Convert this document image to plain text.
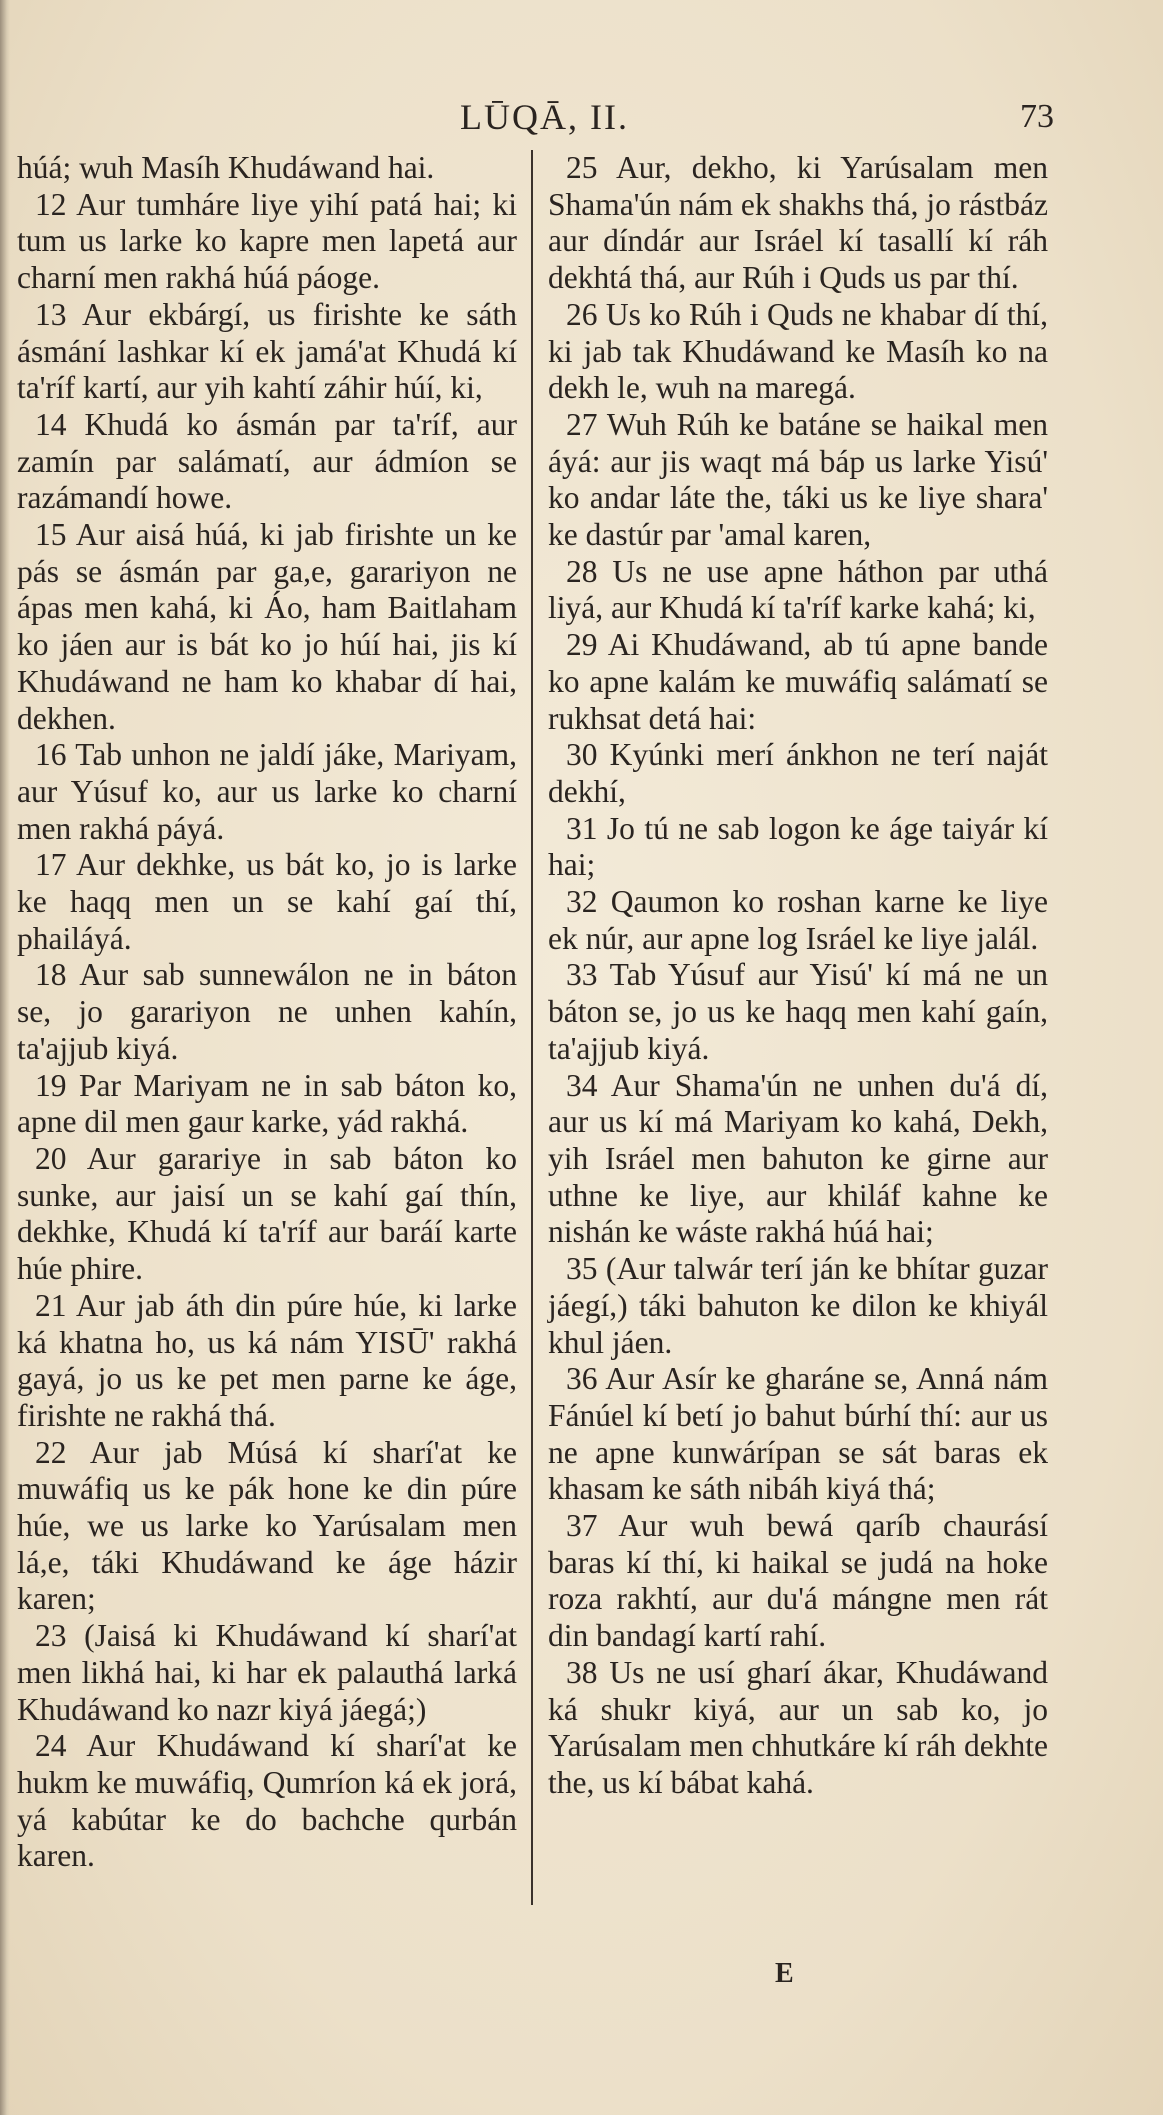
LŪQĀ, II.	73

húá; wuh Masíh Khudáwand hai.

12 Aur tumháre liye yihí patá hai; ki tum us larke ko kapre men lapetá aur charní men rakhá húá páoge.

13 Aur ekbárgí, us firishte ke sáth ásmání lashkar kí ek jamá'at Khudá kí ta'ríf kartí, aur yih kahtí záhir húí, ki,

14 Khudá ko ásmán par ta'ríf, aur zamín par salámatí, aur ádmíon se razámandí howe.

15 Aur aisá húá, ki jab firishte un ke pás se ásmán par ga,e, garariyon ne ápas men kahá, ki Áo, ham Baitlaham ko jáen aur is bát ko jo húí hai, jis kí Khudáwand ne ham ko khabar dí hai, dekhen.

16 Tab unhon ne jaldí jáke, Mariyam, aur Yúsuf ko, aur us larke ko charní men rakhá páyá.

17 Aur dekhke, us bát ko, jo is larke ke haqq men un se kahí gaí thí, phailáyá.

18 Aur sab sunnewálon ne in báton se, jo garariyon ne unhen kahín, ta'ajjub kiyá.

19 Par Mariyam ne in sab báton ko, apne dil men gaur karke, yád rakhá.

20 Aur garariye in sab báton ko sunke, aur jaisí un se kahí gaí thín, dekhke, Khudá kí ta'ríf aur baráí karte húe phire.

21 Aur jab áth din púre húe, ki larke ká khatna ho, us ká nám YISŪ' rakhá gayá, jo us ke pet men parne ke áge, firishte ne rakhá thá.

22 Aur jab Músá kí sharí'at ke muwáfiq us ke pák hone ke din púre húe, we us larke ko Yarúsalam men lá,e, táki Khudáwand ke áge házir karen;

23 (Jaisá ki Khudáwand kí sharí'at men likhá hai, ki har ek palauthá larká Khudáwand ko nazr kiyá jáegá;)

24 Aur Khudáwand kí sharí'at ke hukm ke muwáfiq, Qumríon ká ek jorá, yá kabútar ke do bachche qurbán karen.

25 Aur, dekho, ki Yarúsalam men Shama'ún nám ek shakhs thá, jo rástbáz aur díndár aur Isráel kí tasallí kí ráh dekhtá thá, aur Rúh i Quds us par thí.

26 Us ko Rúh i Quds ne khabar dí thí, ki jab tak Khudáwand ke Masíh ko na dekh le, wuh na maregá.

27 Wuh Rúh ke batáne se haikal men áyá: aur jis waqt má báp us larke Yisú' ko andar láte the, táki us ke liye shara' ke dastúr par 'amal karen,

28 Us ne use apne háthon par uthá liyá, aur Khudá kí ta'ríf karke kahá; ki,

29 Ai Khudáwand, ab tú apne bande ko apne kalám ke muwáfiq salámatí se rukhsat detá hai:

30 Kyúnki merí ánkhon ne terí naját dekhí,

31 Jo tú ne sab logon ke áge taiyár kí hai;

32 Qaumon ko roshan karne ke liye ek núr, aur apne log Isráel ke liye jalál.

33 Tab Yúsuf aur Yisú' kí má ne un báton se, jo us ke haqq men kahí gaín, ta'ajjub kiyá.

34 Aur Shama'ún ne unhen du'á dí, aur us kí má Mariyam ko kahá, Dekh, yih Isráel men bahuton ke girne aur uthne ke liye, aur khiláf kahne ke nishán ke wáste rakhá húá hai;

35 (Aur talwár terí ján ke bhítar guzar jáegí,) táki bahuton ke dilon ke khiyál khul jáen.

36 Aur Asír ke gharáne se, Anná nám Fánúel kí betí jo bahut búrhí thí: aur us ne apne kunwárípan se sát baras ek khasam ke sáth nibáh kiyá thá;

37 Aur wuh bewá qaríb chaurásí baras kí thí, ki haikal se judá na hoke roza rakhtí, aur du'á mángne men rát din bandagí kartí rahí.

38 Us ne usí gharí ákar, Khudáwand ká shukr kiyá, aur un sab ko, jo Yarúsalam men chhutkáre kí ráh dekhte the, us kí bábat kahá.

E
